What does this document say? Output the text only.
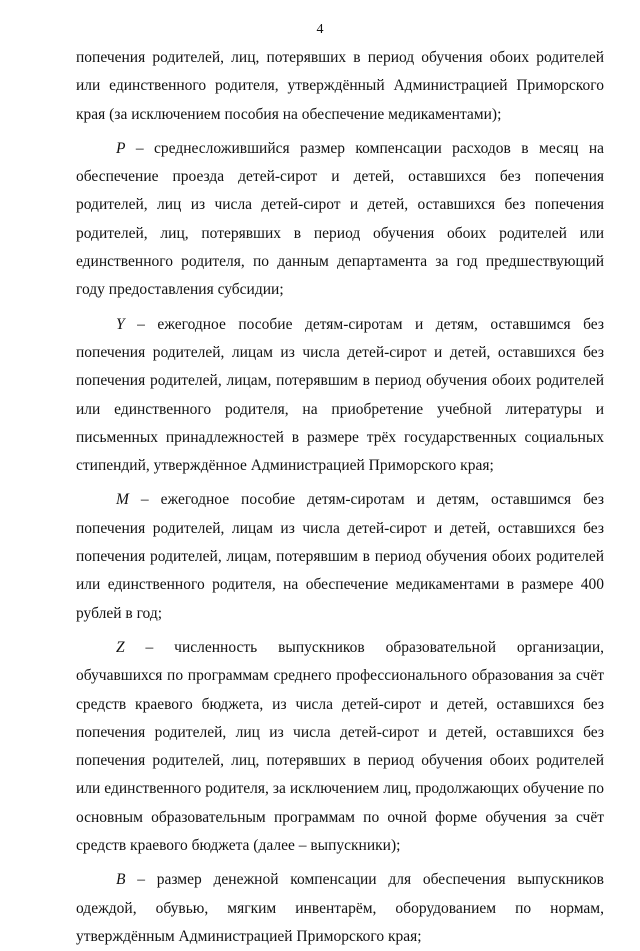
4

попечения родителей, лиц, потерявших в период обучения обоих родителей или единственного родителя, утверждённый Администрацией Приморского края (за исключением пособия на обеспечение медикаментами);

P – среднесложившийся размер компенсации расходов в месяц на обеспечение проезда детей-сирот и детей, оставшихся без попечения родителей, лиц из числа детей-сирот и детей, оставшихся без попечения родителей, лиц, потерявших в период обучения обоих родителей или единственного родителя, по данным департамента за год предшествующий году предоставления субсидии;

Y – ежегодное пособие детям-сиротам и детям, оставшимся без попечения родителей, лицам из числа детей-сирот и детей, оставшихся без попечения родителей, лицам, потерявшим в период обучения обоих родителей или единственного родителя, на приобретение учебной литературы и письменных принадлежностей в размере трёх государственных социальных стипендий, утверждённое Администрацией Приморского края;

M – ежегодное пособие детям-сиротам и детям, оставшимся без попечения родителей, лицам из числа детей-сирот и детей, оставшихся без попечения родителей, лицам, потерявшим в период обучения обоих родителей или единственного родителя, на обеспечение медикаментами в размере 400 рублей в год;

Z – численность выпускников образовательной организации, обучавшихся по программам среднего профессионального образования за счёт средств краевого бюджета, из числа детей-сирот и детей, оставшихся без попечения родителей, лиц из числа детей-сирот и детей, оставшихся без попечения родителей, лиц, потерявших в период обучения обоих родителей или единственного родителя, за исключением лиц, продолжающих обучение по основным образовательным программам по очной форме обучения за счёт средств краевого бюджета (далее – выпускники);

B – размер денежной компенсации для обеспечения выпускников одеждой, обувью, мягким инвентарём, оборудованием по нормам, утверждённым Администрацией Приморского края;
